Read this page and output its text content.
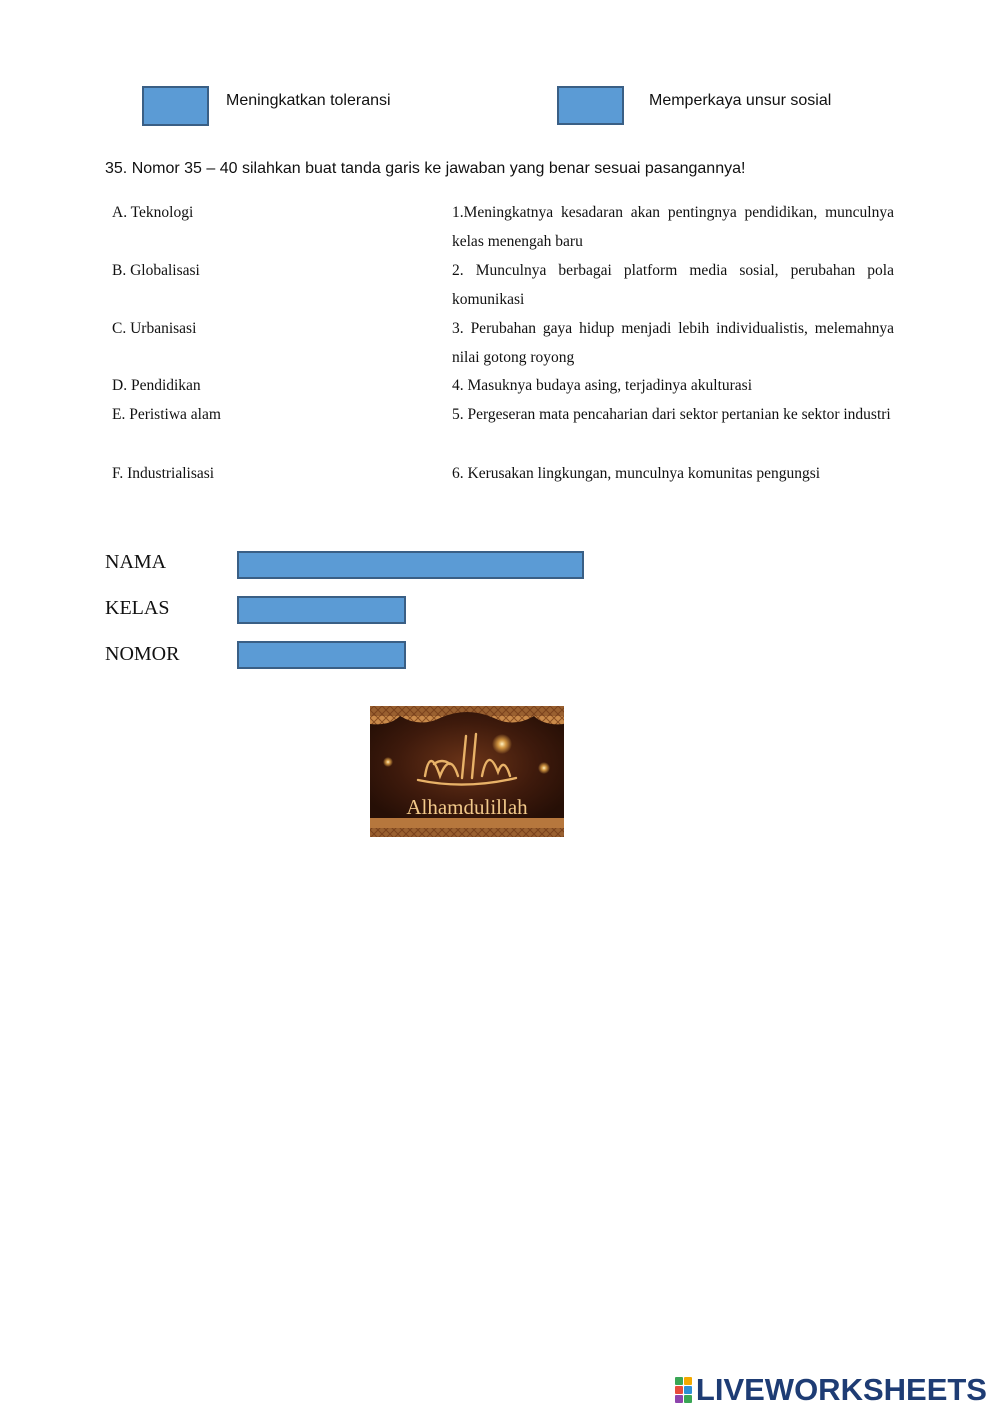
Meningkatkan toleransi	Memperkaya unsur sosial
35. Nomor 35 – 40 silahkan buat tanda garis ke jawaban yang benar sesuai pasangannya!
A. Teknologi
B. Globalisasi
C. Urbanisasi
D. Pendidikan
E. Peristiwa alam
F. Industrialisasi
1.Meningkatnya kesadaran akan pentingnya pendidikan, munculnya kelas menengah baru
2. Munculnya berbagai platform media sosial, perubahan pola komunikasi
3. Perubahan gaya hidup menjadi lebih individualistis, melemahnya nilai gotong royong
4. Masuknya budaya asing, terjadinya akulturasi
5. Pergeseran mata pencaharian dari sektor pertanian ke sektor industri
6. Kerusakan lingkungan, munculnya komunitas pengungsi
NAMA
KELAS
NOMOR
Alhamdulillah
LIVEWORKSHEETS
